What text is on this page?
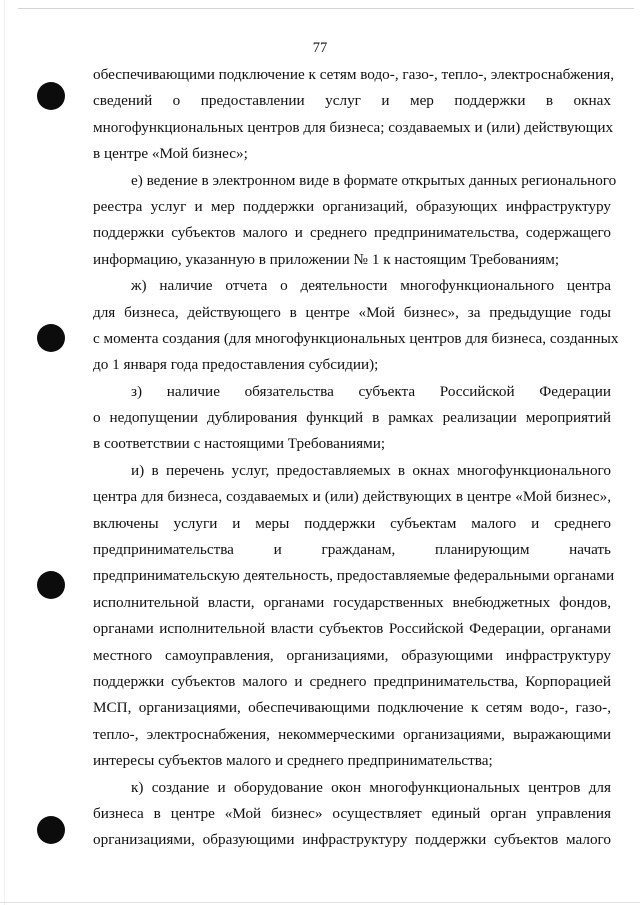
77
обеспечивающими подключение к сетям водо-, газо-, тепло-, электроснабжения,
сведений о предоставлении услуг и мер поддержки в окнах
многофункциональных центров для бизнеса; создаваемых и (или) действующих
в центре «Мой бизнес»;
е) ведение в электронном виде в формате открытых данных регионального
реестра услуг и мер поддержки организаций, образующих инфраструктуру
поддержки субъектов малого и среднего предпринимательства, содержащего
информацию, указанную в приложении № 1 к настоящим Требованиям;
ж) наличие отчета о деятельности многофункционального центра
для бизнеса, действующего в центре «Мой бизнес», за предыдущие годы
с момента создания (для многофункциональных центров для бизнеса, созданных
до 1 января года предоставления субсидии);
з) наличие обязательства субъекта Российской Федерации
о недопущении дублирования функций в рамках реализации мероприятий
в соответствии с настоящими Требованиями;
и) в перечень услуг, предоставляемых в окнах многофункционального
центра для бизнеса, создаваемых и (или) действующих в центре «Мой бизнес»,
включены услуги и меры поддержки субъектам малого и среднего
предпринимательства и гражданам, планирующим начать
предпринимательскую деятельность, предоставляемые федеральными органами
исполнительной власти, органами государственных внебюджетных фондов,
органами исполнительной власти субъектов Российской Федерации, органами
местного самоуправления, организациями, образующими инфраструктуру
поддержки субъектов малого и среднего предпринимательства, Корпорацией
МСП, организациями, обеспечивающими подключение к сетям водо-, газо-,
тепло-, электроснабжения, некоммерческими организациями, выражающими
интересы субъектов малого и среднего предпринимательства;
к) создание и оборудование окон многофункциональных центров для
бизнеса в центре «Мой бизнес» осуществляет единый орган управления
организациями, образующими инфраструктуру поддержки субъектов малого
